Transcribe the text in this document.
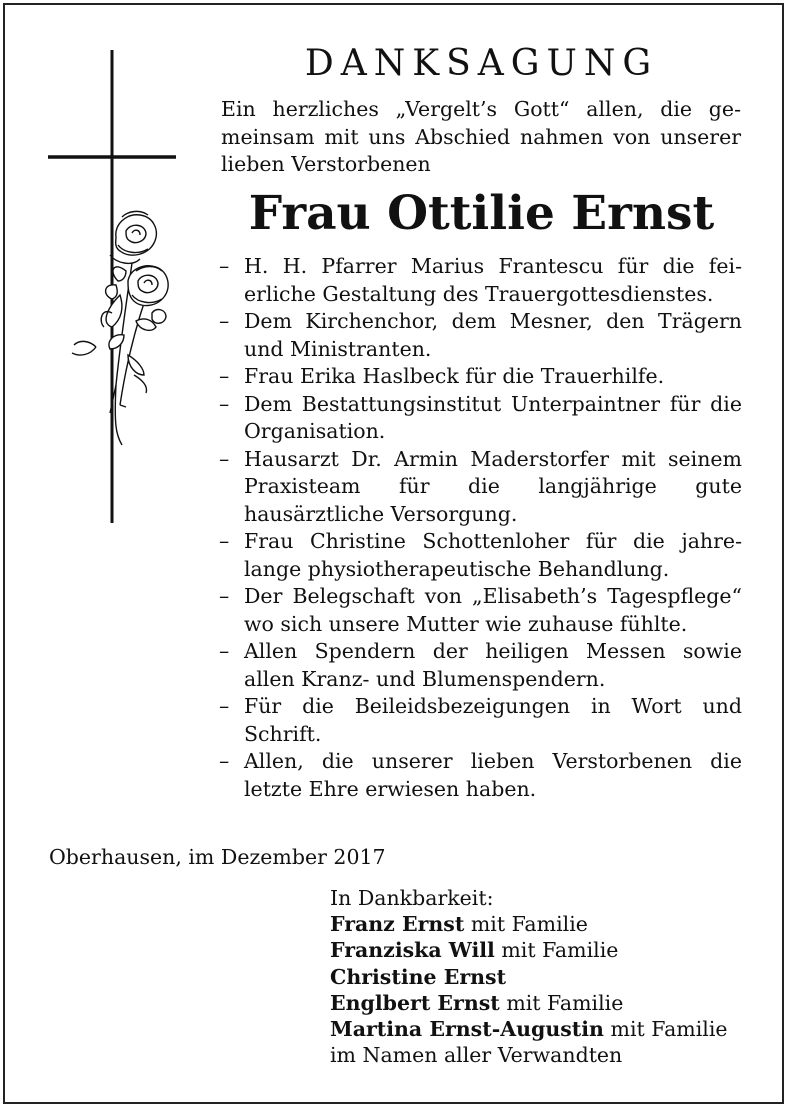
DANKSAGUNG
Ein herzliches „Vergelt’s Gott“ allen, die gemeinsam mit uns Abschied nahmen von unserer lieben Verstorbenen
Frau Ottilie Ernst
– H. H. Pfarrer Marius Frantescu für die feierliche Gestaltung des Trauergottesdienstes.
– Dem Kirchenchor, dem Mesner, den Trägern und Ministranten.
– Frau Erika Haslbeck für die Trauerhilfe.
– Dem Bestattungsinstitut Unterpaintner für die Organisation.
– Hausarzt Dr. Armin Maderstorfer mit seinem Praxisteam für die langjährige gute hausärztliche Versorgung.
– Frau Christine Schottenloher für die jahrelange physiotherapeutische Behandlung.
– Der Belegschaft von „Elisabeth’s Tagespflege“ wo sich unsere Mutter wie zuhause fühlte.
– Allen Spendern der heiligen Messen sowie allen Kranz- und Blumenspendern.
– Für die Beileidsbezeigungen in Wort und Schrift.
– Allen, die unserer lieben Verstorbenen die letzte Ehre erwiesen haben.
Oberhausen, im Dezember 2017
In Dankbarkeit:
Franz Ernst mit Familie
Franziska Will mit Familie
Christine Ernst
Englbert Ernst mit Familie
Martina Ernst-Augustin mit Familie
im Namen aller Verwandten
